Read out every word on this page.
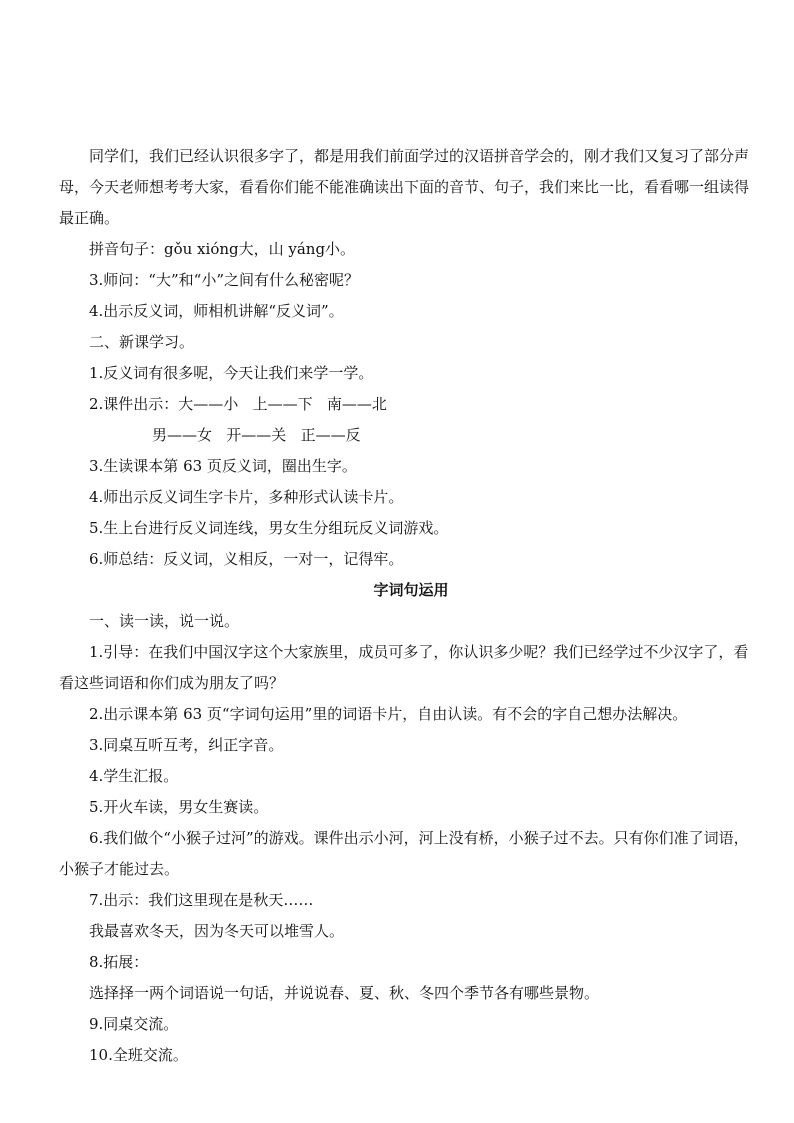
同学们，我们已经认识很多字了，都是用我们前面学过的汉语拼音学会的，刚才我们又复习了部分声母，今天老师想考考大家，看看你们能不能准确读出下面的音节、句子，我们来比一比，看看哪一组读得最正确。

拼音句子：gǒu xióng大，山 yáng小。

3.师问：“大”和“小”之间有什么秘密呢？

4.出示反义词，师相机讲解“反义词”。

二、新课学习。

1.反义词有很多呢，今天让我们来学一学。

2.课件出示：大——小   上——下   南——北

男——女   开——关   正——反

3.生读课本第 63 页反义词，圈出生字。

4.师出示反义词生字卡片，多种形式认读卡片。

5.生上台进行反义词连线，男女生分组玩反义词游戏。

6.师总结：反义词，义相反，一对一，记得牢。

字词句运用

一、读一读，说一说。

1.引导：在我们中国汉字这个大家族里，成员可多了，你认识多少呢？我们已经学过不少汉字了，看看这些词语和你们成为朋友了吗？

2.出示课本第 63 页“字词句运用”里的词语卡片，自由认读。有不会的字自己想办法解决。

3.同桌互听互考，纠正字音。

4.学生汇报。

5.开火车读，男女生赛读。

6.我们做个“小猴子过河”的游戏。课件出示小河，河上没有桥，小猴子过不去。只有你们准了词语，小猴子才能过去。

7.出示：我们这里现在是秋天……

我最喜欢冬天，因为冬天可以堆雪人。

8.拓展：

选择择一两个词语说一句话，并说说春、夏、秋、冬四个季节各有哪些景物。

9.同桌交流。

10.全班交流。
